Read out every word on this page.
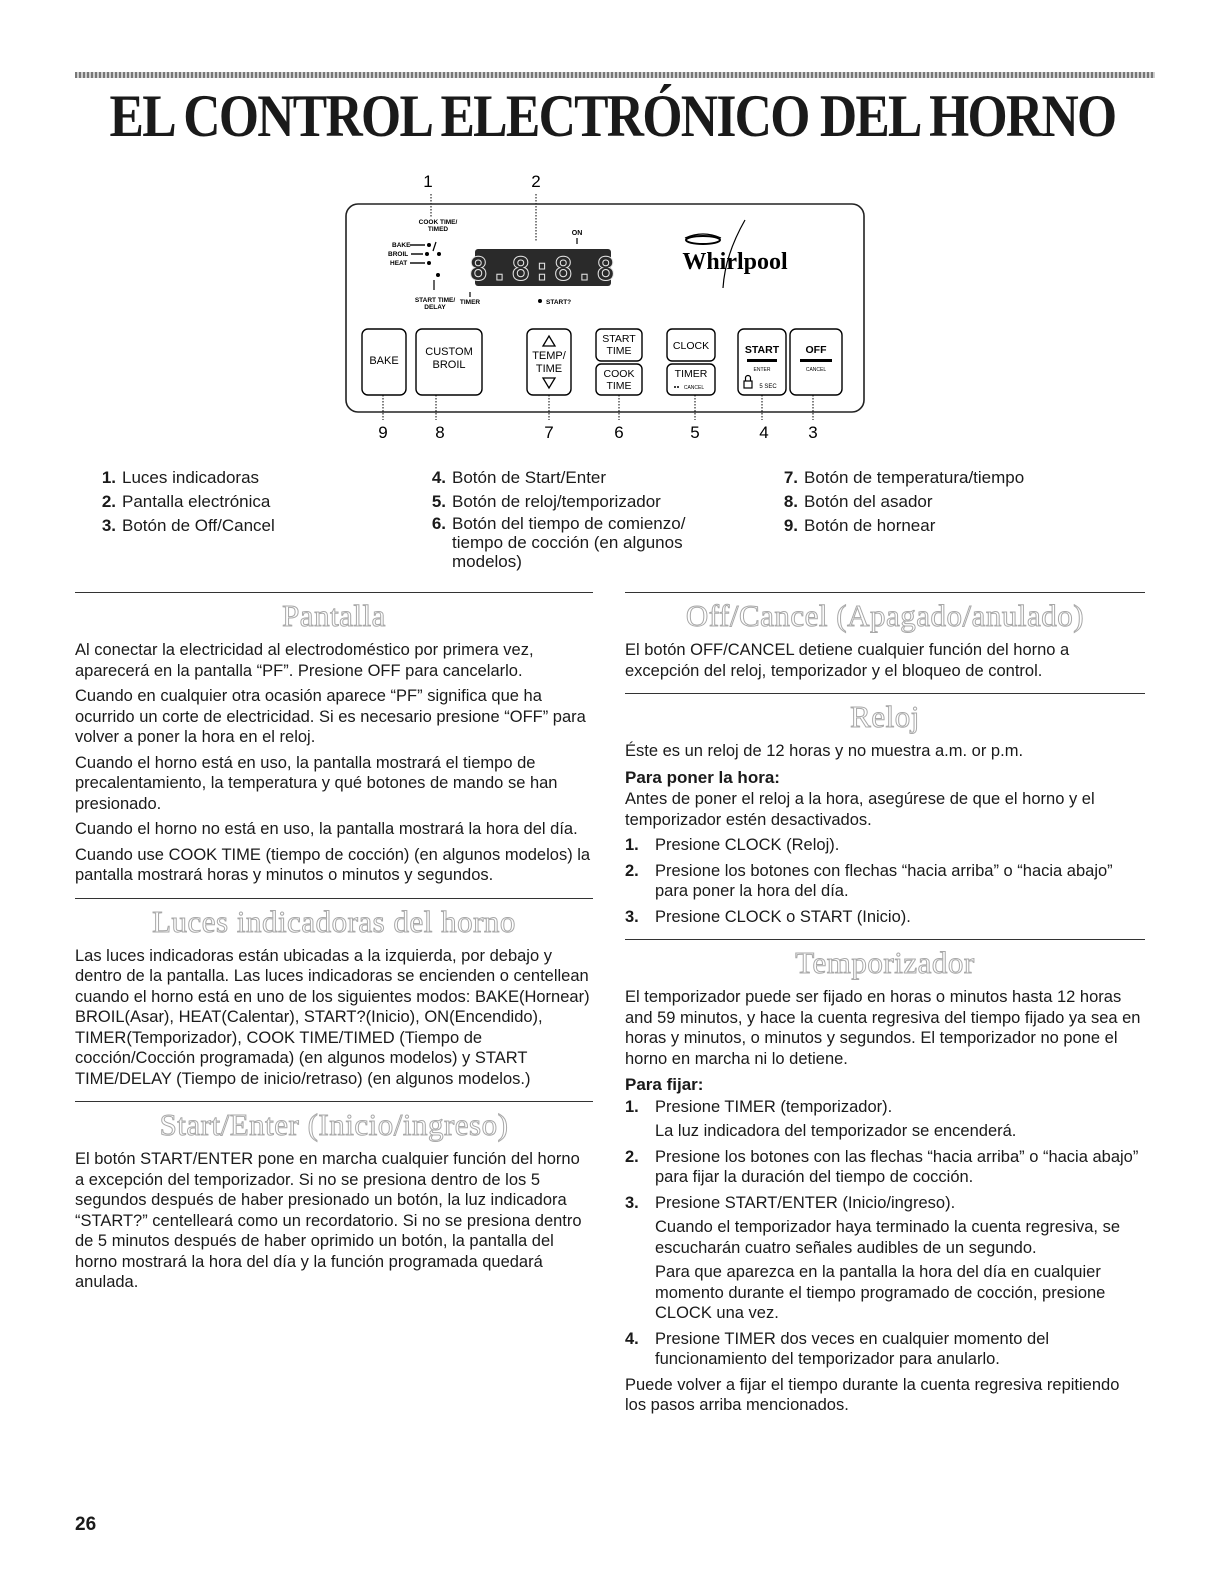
EL CONTROL ELECTRÓNICO DEL HORNO
1	2
COOK TIME/
TIMED
ON
BAKE
BROIL
HEAT
START TIME/
DELAY
TIMER	START?
8.8:8.8	Whirlpool
BAKE
CUSTOM
BROIL
TEMP/
TIME
START
TIME
COOK
TIME
CLOCK
TIMER
CANCEL
START
ENTER
5 SEC
OFF
CANCEL
9	8	7	6	5	4 3
1. Luces indicadoras
2. Pantalla electrónica
3. Botón de Off/Cancel
4. Botón de Start/Enter
5. Botón de reloj/temporizador
6. Botón del tiempo de comienzo/ tiempo de cocción (en algunos modelos)
7. Botón de temperatura/tiempo
8. Botón del asador
9. Botón de hornear
Pantalla

Al conectar la electricidad al electrodoméstico por primera vez, aparecerá en la pantalla “PF”. Presione OFF para cancelarlo.

Cuando en cualquier otra ocasión aparece “PF” significa que ha ocurrido un corte de electricidad. Si es necesario presione “OFF” para volver a poner la hora en el reloj.

Cuando el horno está en uso, la pantalla mostrará el tiempo de precalentamiento, la temperatura y qué botones de mando se han presionado.

Cuando el horno no está en uso, la pantalla mostrará la hora del día.

Cuando use COOK TIME (tiempo de cocción) (en algunos modelos) la pantalla mostrará horas y minutos o minutos y segundos.

Luces indicadoras del horno

Las luces indicadoras están ubicadas a la izquierda, por debajo y dentro de la pantalla. Las luces indicadoras se encienden o centellean cuando el horno está en uno de los siguientes modos: BAKE(Hornear) BROIL(Asar), HEAT(Calentar), START?(Inicio), ON(Encendido), TIMER(Temporizador), COOK TIME/TIMED (Tiempo de cocción/Cocción programada) (en algunos modelos) y START TIME/DELAY (Tiempo de inicio/retraso) (en algunos modelos.)

Start/Enter (Inicio/ingreso)

El botón START/ENTER pone en marcha cualquier función del horno a excepción del temporizador. Si no se presiona dentro de los 5 segundos después de haber presionado un botón, la luz indicadora “START?” centelleará como un recordatorio. Si no se presiona dentro de 5 minutos después de haber oprimido un botón, la pantalla del horno mostrará la hora del día y la función programada quedará anulada.

Off/Cancel (Apagado/anulado)

El botón OFF/CANCEL detiene cualquier función del horno a excepción del reloj, temporizador y el bloqueo de control.

Reloj

Éste es un reloj de 12 horas y no muestra a.m. or p.m.

Para poner la hora:

Antes de poner el reloj a la hora, asegúrese de que el horno y el temporizador estén desactivados.

1. Presione CLOCK (Reloj).
2. Presione los botones con flechas “hacia arriba” o “hacia abajo” para poner la hora del día.
3. Presione CLOCK o START (Inicio).
Temporizador

El temporizador puede ser fijado en horas o minutos hasta 12 horas and 59 minutos, y hace la cuenta regresiva del tiempo fijado ya sea en horas y minutos, o minutos y segundos. El temporizador no pone el horno en marcha ni lo detiene.

Para fijar:
1. Presione TIMER (temporizador).

La luz indicadora del temporizador se encenderá.

2. Presione los botones con las flechas “hacia arriba” o “hacia abajo” para fijar la duración del tiempo de cocción.
3. Presione START/ENTER (Inicio/ingreso).

Cuando el temporizador haya terminado la cuenta regresiva, se escucharán cuatro señales audibles de un segundo.

Para que aparezca en la pantalla la hora del día en cualquier momento durante el tiempo programado de cocción, presione CLOCK una vez.

4. Presione TIMER dos veces en cualquier momento del funcionamiento del temporizador para anularlo.

Puede volver a fijar el tiempo durante la cuenta regresiva repitiendo los pasos arriba mencionados.

26
